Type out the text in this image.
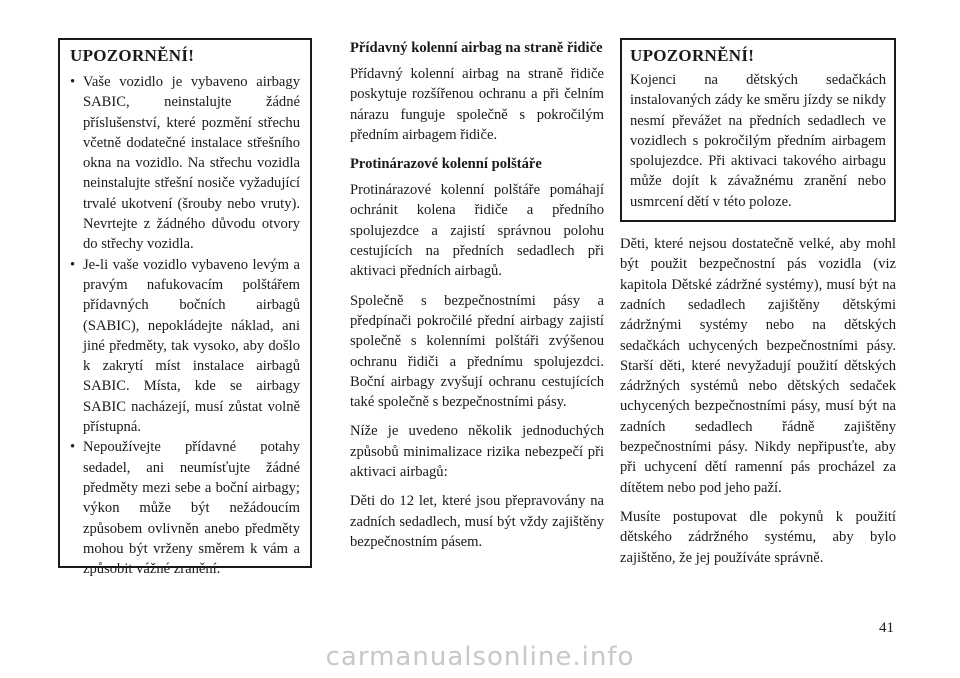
UPOZORNĚNÍ!
• Vaše vozidlo je vybaveno airbagy SABIC, neinstalujte žádné příslušenství, které pozmění střechu včetně dodatečné instalace střešního okna na vozidlo. Na střechu vozidla neinstalujte střešní nosiče vyžadující trvalé ukotvení (šrouby nebo vruty). Nevrtejte z žádného důvodu otvory do střechy vozidla.
• Je-li vaše vozidlo vybaveno levým a pravým nafukovacím polštářem přídavných bočních airbagů (SABIC), nepokládejte náklad, ani jiné předměty, tak vysoko, aby došlo k zakrytí míst instalace airbagů SABIC. Místa, kde se airbagy SABIC nacházejí, musí zůstat volně přístupná.
• Nepoužívejte přídavné potahy sedadel, ani neumísťujte žádné předměty mezi sebe a boční airbagy; výkon může být nežádoucím způsobem ovlivněn anebo předměty mohou být vrženy směrem k vám a způsobit vážné zranění.
Přídavný kolenní airbag na straně řidiče
Přídavný kolenní airbag na straně řidiče poskytuje rozšířenou ochranu a při čelním nárazu funguje společně s pokročilým předním airbagem řidiče.
Protinárazové kolenní polštáře
Protinárazové kolenní polštáře pomáhají ochránit kolena řidiče a předního spolujezdce a zajistí správnou polohu cestujících na předních sedadlech při aktivaci předních airbagů.
Společně s bezpečnostními pásy a předpínači pokročilé přední airbagy zajistí společně s kolenními polštáři zvýšenou ochranu řidiči a přednímu spolujezdci. Boční airbagy zvyšují ochranu cestujících také společně s bezpečnostními pásy.
Níže je uvedeno několik jednoduchých způsobů minimalizace rizika nebezpečí při aktivaci airbagů:
Děti do 12 let, které jsou přepravovány na zadních sedadlech, musí být vždy zajištěny bezpečnostním pásem.
UPOZORNĚNÍ!
Kojenci na dětských sedačkách instalovaných zády ke směru jízdy se nikdy nesmí převážet na předních sedadlech ve vozidlech s pokročilým předním airbagem spolujezdce. Při aktivaci takového airbagu může dojít k závažnému zranění nebo usmrcení dětí v této poloze.
Děti, které nejsou dostatečně velké, aby mohl být použit bezpečnostní pás vozidla (viz kapitola Dětské zádržné systémy), musí být na zadních sedadlech zajištěny dětskými zádržnými systémy nebo na dětských sedačkách uchycených bezpečnostními pásy. Starší děti, které nevyžadují použití dětských zádržných systémů nebo dětských sedaček uchycených bezpečnostními pásy, musí být na zadních sedadlech řádně zajištěny bezpečnostními pásy. Nikdy nepřipusťte, aby při uchycení dětí ramenní pás procházel za dítětem nebo pod jeho paží.
Musíte postupovat dle pokynů k použití dětského zádržného systému, aby bylo zajištěno, že jej používáte správně.
41
carmanualsonline.info
